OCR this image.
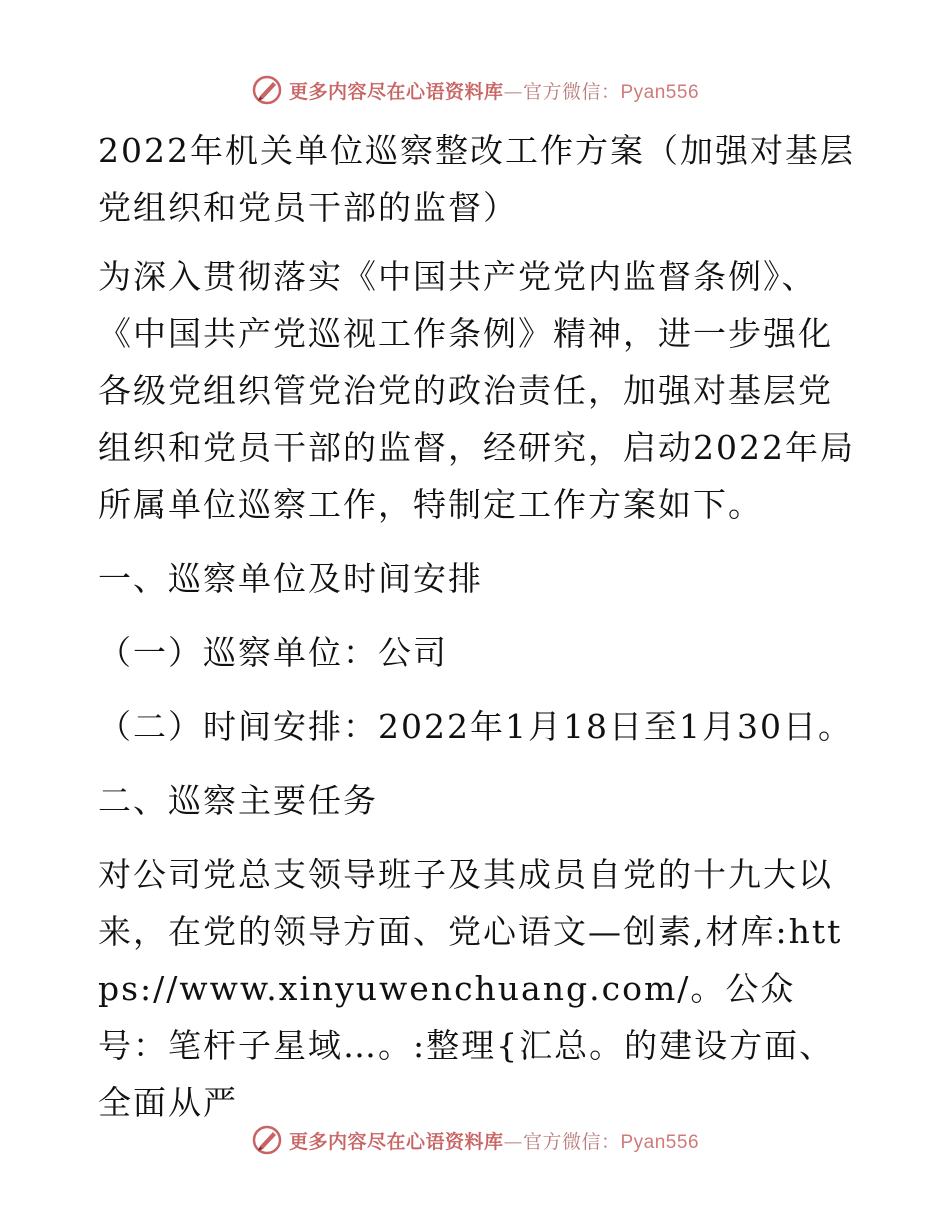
更多内容尽在心语资料库—官方微信：Pyan556

2022年机关单位巡察整改工作方案（加强对基层党组织和党员干部的监督）

为深入贯彻落实《中国共产党党内监督条例》、《中国共产党巡视工作条例》精神，进一步强化各级党组织管党治党的政治责任，加强对基层党组织和党员干部的监督，经研究，启动2022年局所属单位巡察工作，特制定工作方案如下。

一、巡察单位及时间安排

（一）巡察单位：公司

（二）时间安排：2022年1月18日至1月30日。

二、巡察主要任务

对公司党总支领导班子及其成员自党的十九大以来，在党的领导方面、党心语文—创素,材库:https://www.xinyuwenchuang.com/。公众号：笔杆子星域…。:整理{汇总。的建设方面、全面从严

更多内容尽在心语资料库—官方微信：Pyan556
